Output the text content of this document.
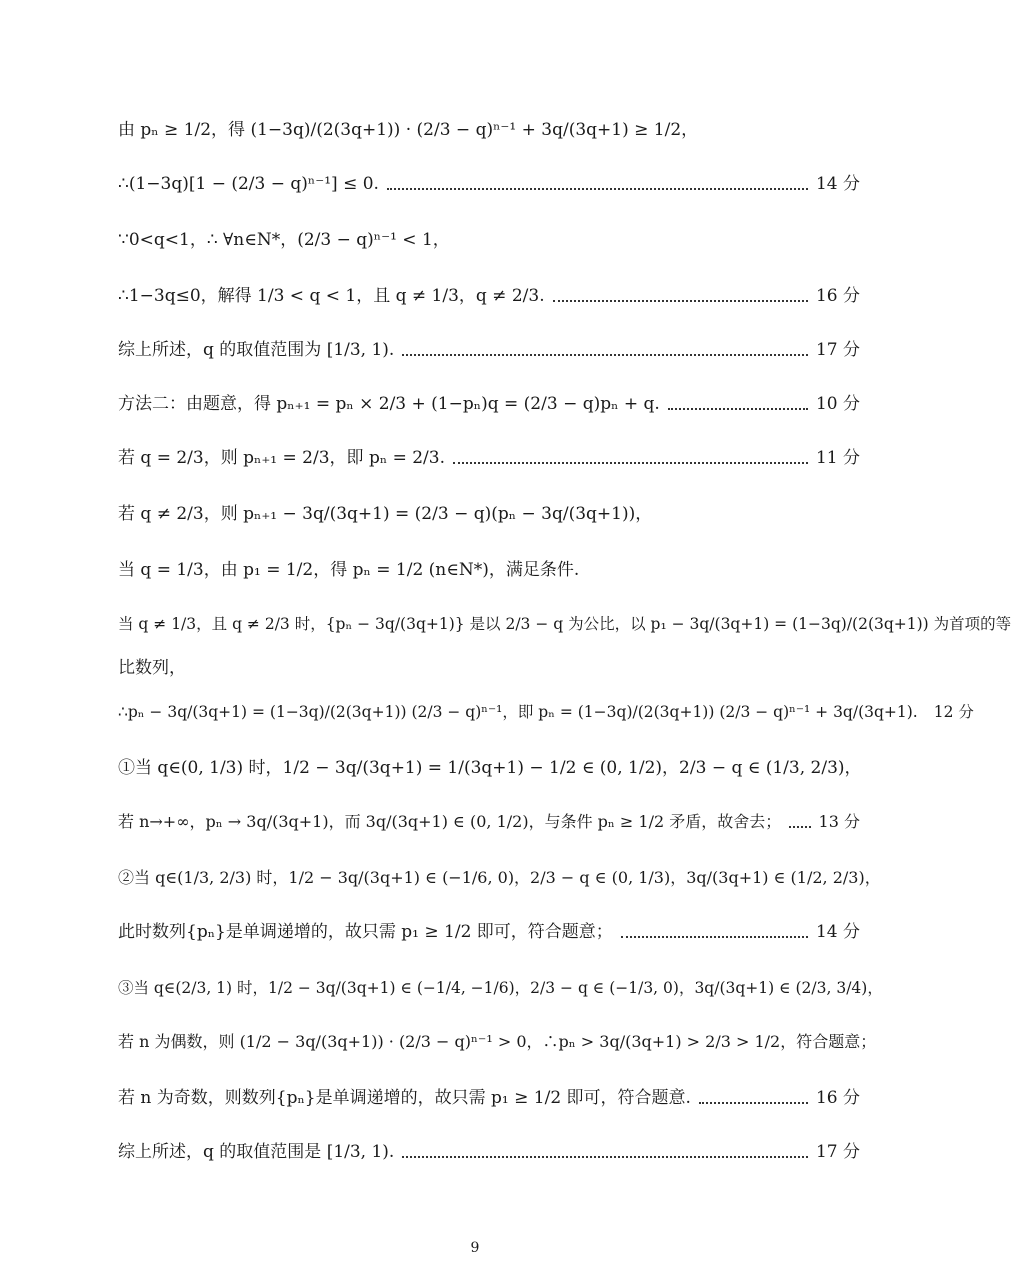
由 pₙ ≥ 1/2，得 (1−3q)/(2(3q+1)) · (2/3 − q)ⁿ⁻¹ + 3q/(3q+1) ≥ 1/2，
∴(1−3q)[1 − (2/3 − q)ⁿ⁻¹] ≤ 0.	14 分
∵0<q<1，∴ ∀n∈N*，(2/3 − q)ⁿ⁻¹ < 1，
∴1−3q≤0，解得 1/3 < q < 1，且 q ≠ 1/3，q ≠ 2/3.	16 分
综上所述，q 的取值范围为 [1/3, 1).	17 分
方法二：由题意，得 pₙ₊₁ = pₙ × 2/3 + (1−pₙ)q = (2/3 − q)pₙ + q.	10 分
若 q = 2/3，则 pₙ₊₁ = 2/3，即 pₙ = 2/3.	11 分
若 q ≠ 2/3，则 pₙ₊₁ − 3q/(3q+1) = (2/3 − q)(pₙ − 3q/(3q+1))，
当 q = 1/3，由 p₁ = 1/2，得 pₙ = 1/2 (n∈N*)，满足条件.
当 q ≠ 1/3，且 q ≠ 2/3 时，{pₙ − 3q/(3q+1)} 是以 2/3 − q 为公比，以 p₁ − 3q/(3q+1) = (1−3q)/(2(3q+1)) 为首项的等
比数列，
∴pₙ − 3q/(3q+1) = (1−3q)/(2(3q+1)) (2/3 − q)ⁿ⁻¹，即 pₙ = (1−3q)/(2(3q+1)) (2/3 − q)ⁿ⁻¹ + 3q/(3q+1). 12 分
①当 q∈(0, 1/3) 时，1/2 − 3q/(3q+1) = 1/(3q+1) − 1/2 ∈ (0, 1/2)，2/3 − q ∈ (1/3, 2/3)，
若 n→+∞，pₙ → 3q/(3q+1)，而 3q/(3q+1) ∈ (0, 1/2)，与条件 pₙ ≥ 1/2 矛盾，故舍去； 13 分
②当 q∈(1/3, 2/3) 时，1/2 − 3q/(3q+1) ∈ (−1/6, 0)，2/3 − q ∈ (0, 1/3)，3q/(3q+1) ∈ (1/2, 2/3)，
此时数列{pₙ}是单调递增的，故只需 p₁ ≥ 1/2 即可，符合题意；	14 分
③当 q∈(2/3, 1) 时，1/2 − 3q/(3q+1) ∈ (−1/4, −1/6)，2/3 − q ∈ (−1/3, 0)，3q/(3q+1) ∈ (2/3, 3/4)，
若 n 为偶数，则 (1/2 − 3q/(3q+1)) · (2/3 − q)ⁿ⁻¹ > 0，∴pₙ > 3q/(3q+1) > 2/3 > 1/2，符合题意；
若 n 为奇数，则数列{pₙ}是单调递增的，故只需 p₁ ≥ 1/2 即可，符合题意.	16 分
综上所述，q 的取值范围是 [1/3, 1).	17 分
9
